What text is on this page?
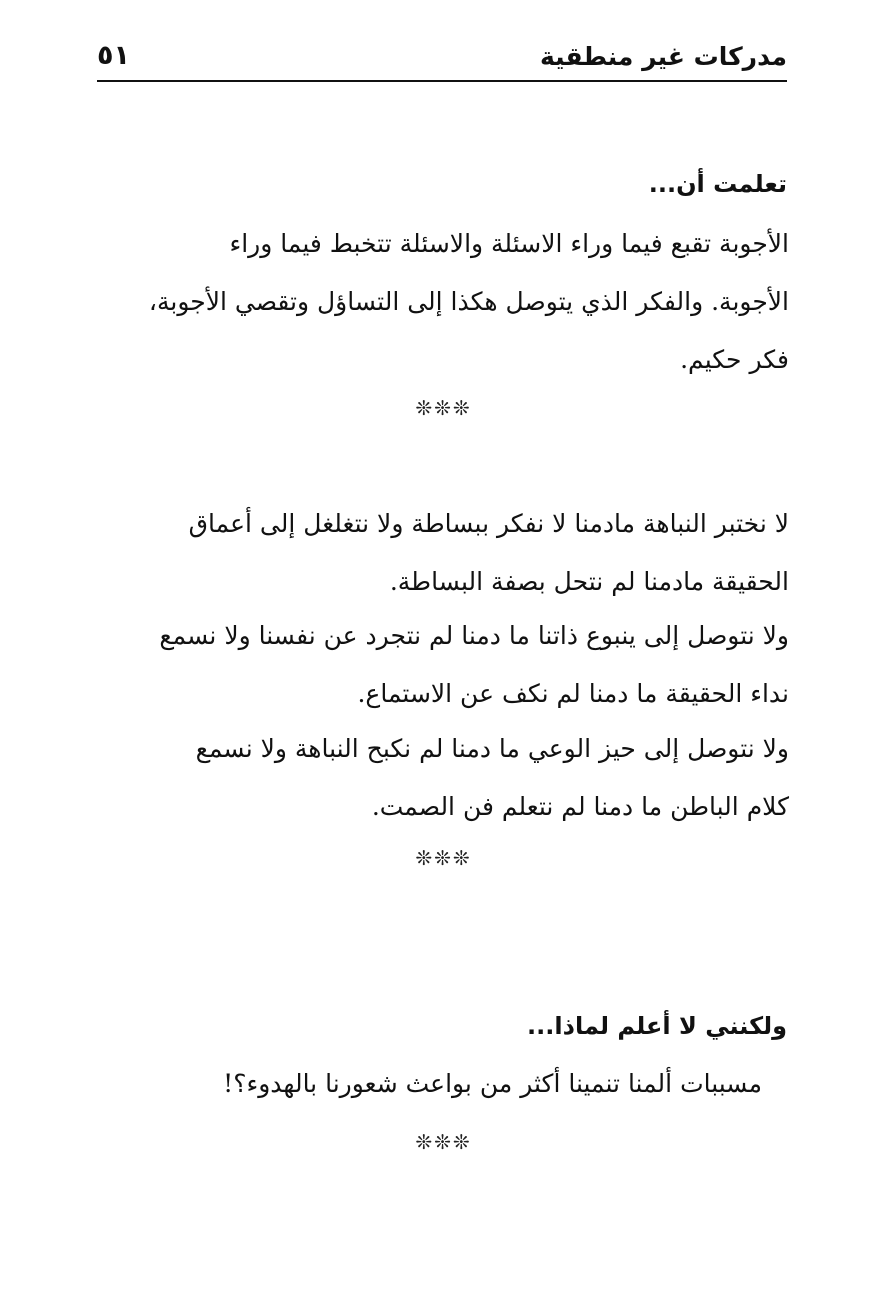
مدركات غير منطقية
٥١
تعلمت أن...
الأجوبة تقبع فيما وراء الاسئلة والاسئلة تتخبط فيما وراء
الأجوبة. والفكر الذي يتوصل هكذا إلى التساؤل وتقصي الأجوبة،
فكر حكيم.
❊❊❊
لا نختبر النباهة مادمنا لا نفكر ببساطة ولا نتغلغل إلى أعماق
الحقيقة مادمنا لم نتحل بصفة البساطة.
ولا نتوصل إلى ينبوع ذاتنا ما دمنا لم نتجرد عن نفسنا ولا نسمع
نداء الحقيقة ما دمنا لم نكف عن الاستماع.
ولا نتوصل إلى حيز الوعي ما دمنا لم نكبح النباهة ولا نسمع
كلام الباطن ما دمنا لم نتعلم فن الصمت.
❊❊❊
ولكنني لا أعلم لماذا...
مسببات ألمنا تنمينا أكثر من بواعث شعورنا بالهدوء؟!
❊❊❊
